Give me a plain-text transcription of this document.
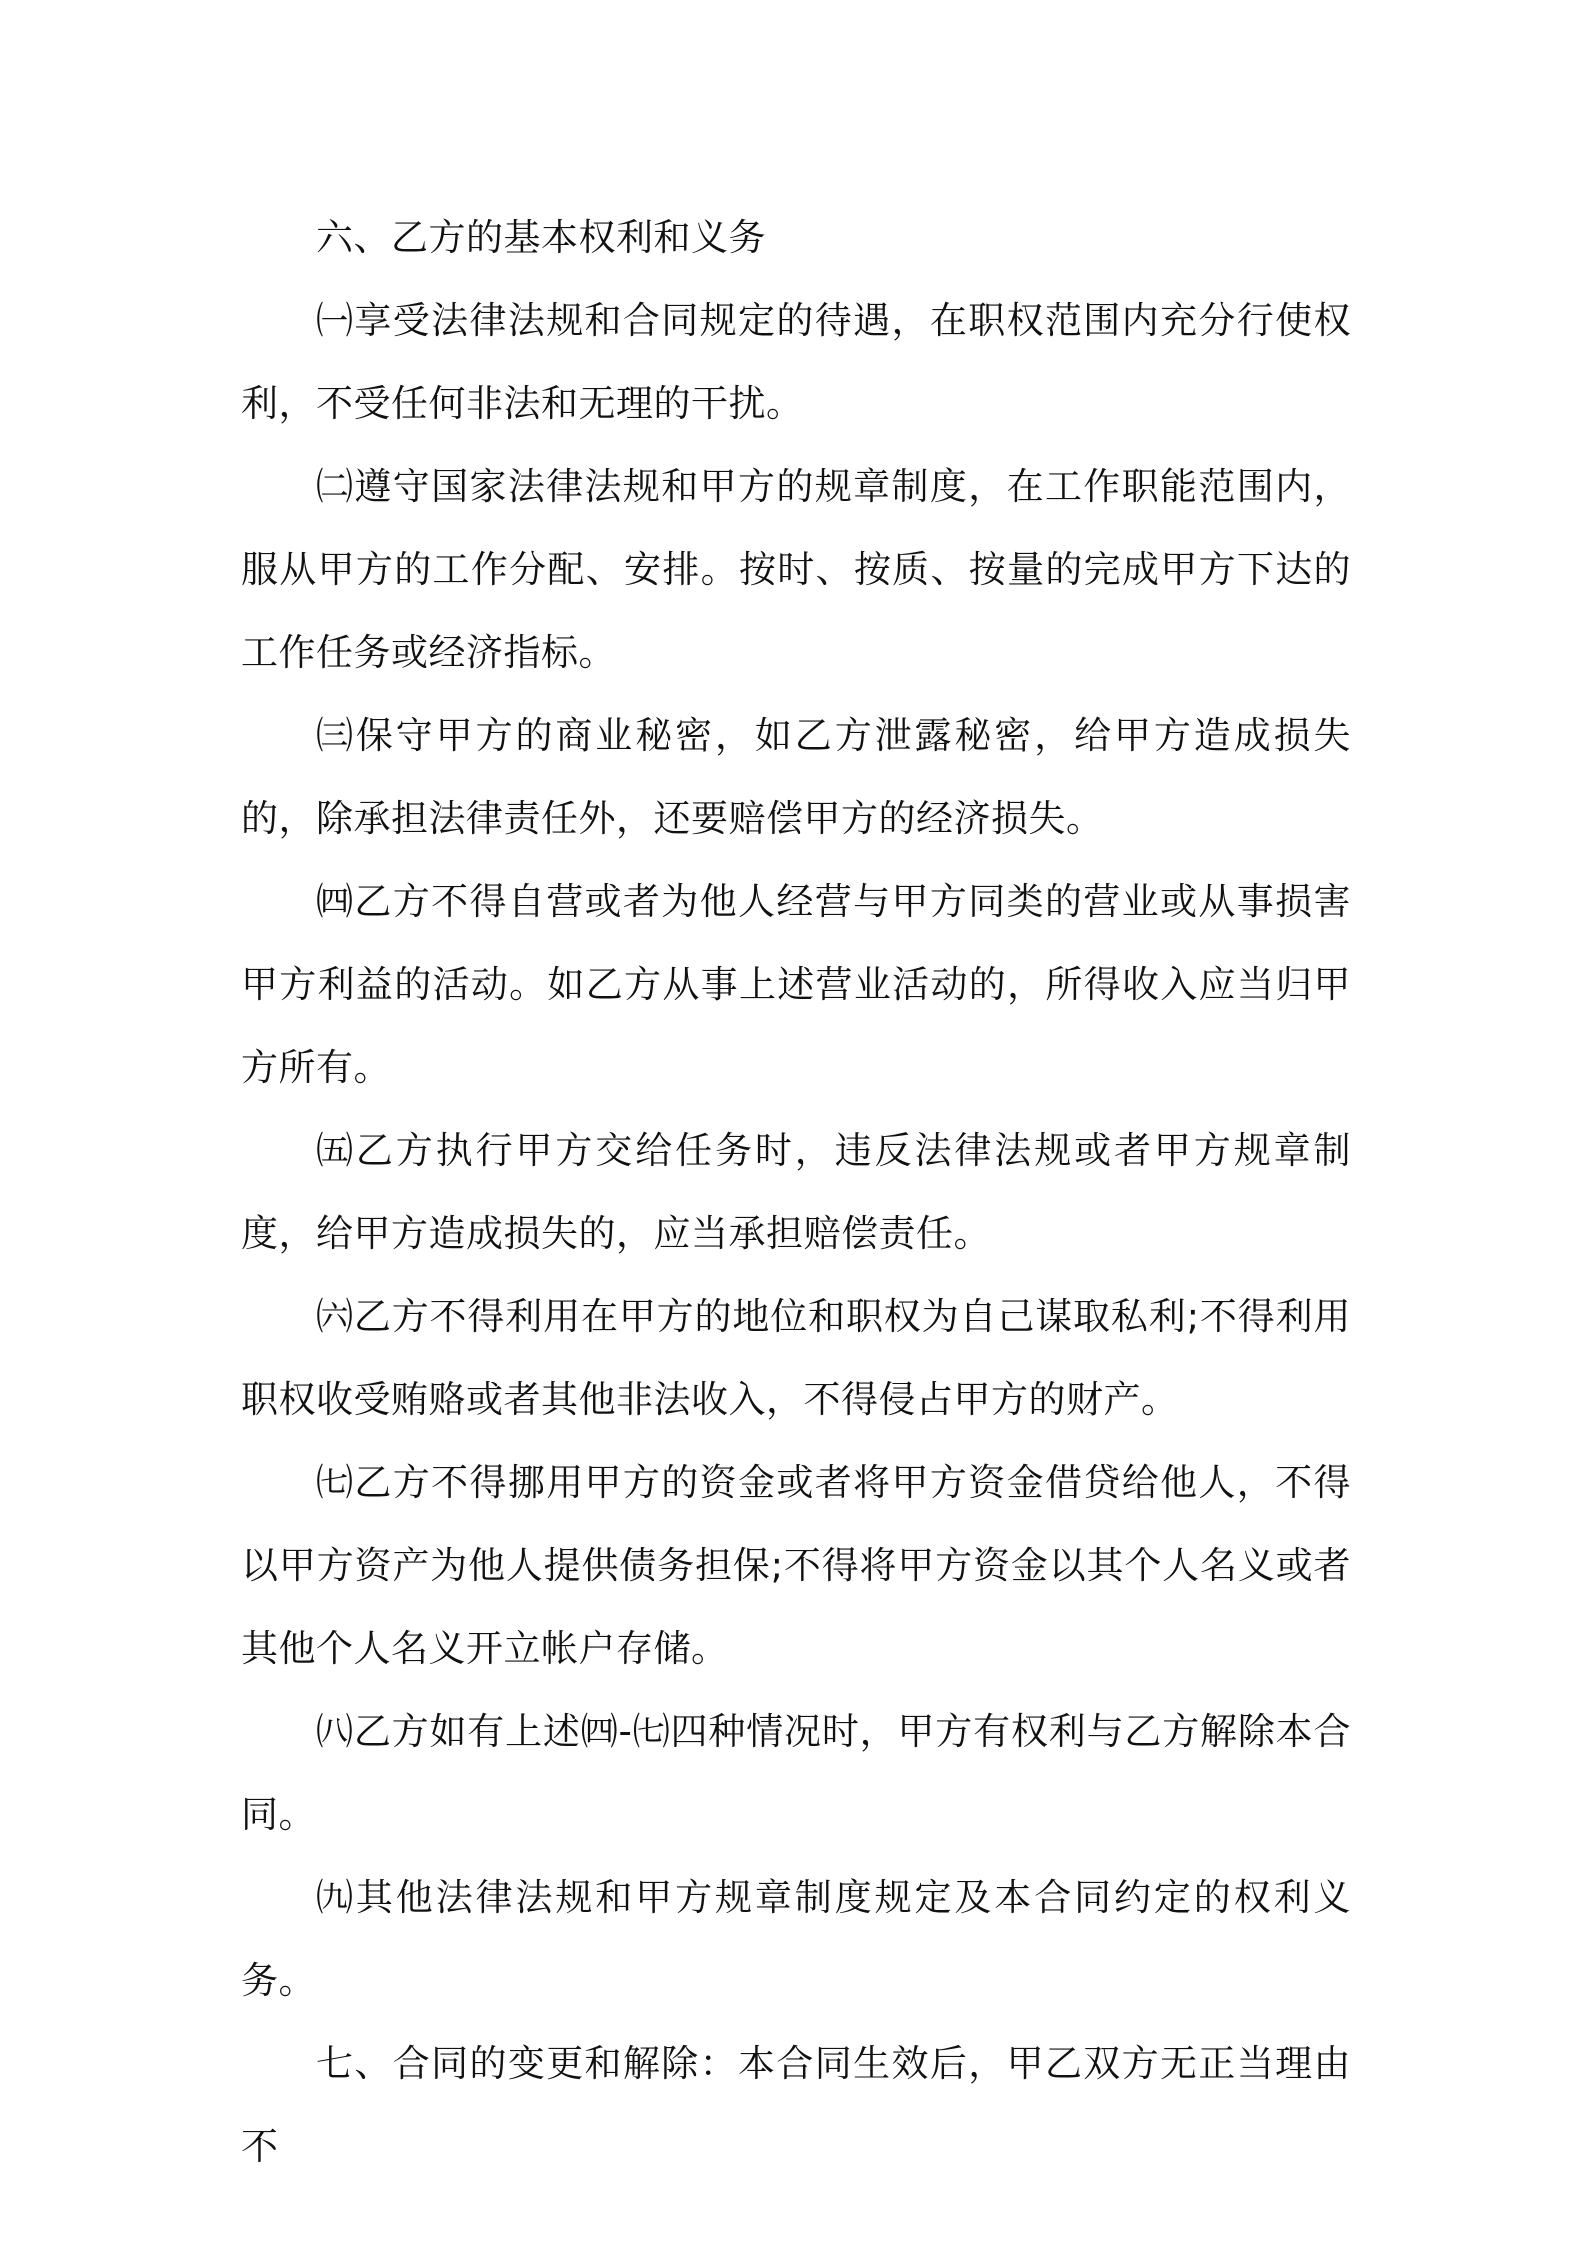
六、乙方的基本权利和义务

㈠享受法律法规和合同规定的待遇，在职权范围内充分行使权利，不受任何非法和无理的干扰。

㈡遵守国家法律法规和甲方的规章制度，在工作职能范围内，服从甲方的工作分配、安排。按时、按质、按量的完成甲方下达的工作任务或经济指标。

㈢保守甲方的商业秘密，如乙方泄露秘密，给甲方造成损失的，除承担法律责任外，还要赔偿甲方的经济损失。

㈣乙方不得自营或者为他人经营与甲方同类的营业或从事损害甲方利益的活动。如乙方从事上述营业活动的，所得收入应当归甲方所有。

㈤乙方执行甲方交给任务时，违反法律法规或者甲方规章制度，给甲方造成损失的，应当承担赔偿责任。

㈥乙方不得利用在甲方的地位和职权为自己谋取私利;不得利用职权收受贿赂或者其他非法收入，不得侵占甲方的财产。

㈦乙方不得挪用甲方的资金或者将甲方资金借贷给他人，不得以甲方资产为他人提供债务担保;不得将甲方资金以其个人名义或者其他个人名义开立帐户存储。

㈧乙方如有上述㈣-㈦四种情况时，甲方有权利与乙方解除本合同。

㈨其他法律法规和甲方规章制度规定及本合同约定的权利义务。

七、合同的变更和解除：本合同生效后，甲乙双方无正当理由不
